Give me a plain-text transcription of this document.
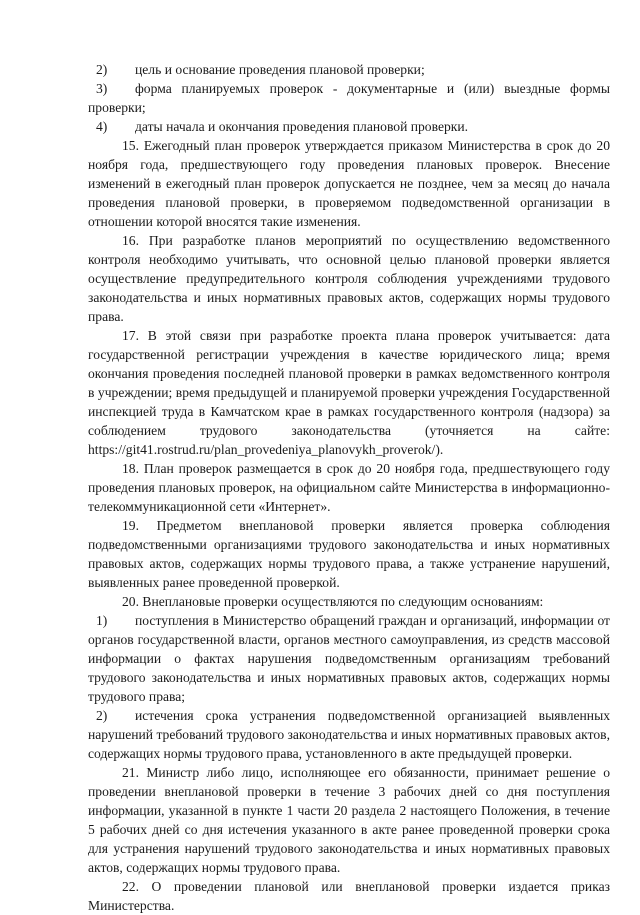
2) цель и основание проведения плановой проверки;
3) форма планируемых проверок - документарные и (или) выездные формы проверки;
4) даты начала и окончания проведения плановой проверки.

15. Ежегодный план проверок утверждается приказом Министерства в срок до 20 ноября года, предшествующего году проведения плановых проверок. Внесение изменений в ежегодный план проверок допускается не позднее, чем за месяц до начала проведения плановой проверки, в проверяемом подведомственной организации в отношении которой вносятся такие изменения.

16. При разработке планов мероприятий по осуществлению ведомственного контроля необходимо учитывать, что основной целью плановой проверки является осуществление предупредительного контроля соблюдения учреждениями трудового законодательства и иных нормативных правовых актов, содержащих нормы трудового права.

17. В этой связи при разработке проекта плана проверок учитывается: дата государственной регистрации учреждения в качестве юридического лица; время окончания проведения последней плановой проверки в рамках ведомственного контроля в учреждении; время предыдущей и планируемой проверки учреждения Государственной инспекцией труда в Камчатском крае в рамках государственного контроля (надзора) за соблюдением трудового законодательства (уточняется на сайте: https://git41.rostrud.ru/plan_provedeniya_planovykh_proverok/).

18. План проверок размещается в срок до 20 ноября года, предшествующего году проведения плановых проверок, на официальном сайте Министерства в информационно-телекоммуникационной сети «Интернет».

19. Предметом внеплановой проверки является проверка соблюдения подведомственными организациями трудового законодательства и иных нормативных правовых актов, содержащих нормы трудового права, а также устранение нарушений, выявленных ранее проведенной проверкой.

20. Внеплановые проверки осуществляются по следующим основаниям:

1) поступления в Министерство обращений граждан и организаций, информации от органов государственной власти, органов местного самоуправления, из средств массовой информации о фактах нарушения подведомственным организациям требований трудового законодательства и иных нормативных правовых актов, содержащих нормы трудового права;
2) истечения срока устранения подведомственной организацией выявленных нарушений требований трудового законодательства и иных нормативных правовых актов, содержащих нормы трудового права, установленного в акте предыдущей проверки.

21. Министр либо лицо, исполняющее его обязанности, принимает решение о проведении внеплановой проверки в течение 3 рабочих дней со дня поступления информации, указанной в пункте 1 части 20 раздела 2 настоящего Положения, в течение 5 рабочих дней со дня истечения указанного в акте ранее проведенной проверки срока для устранения нарушений трудового законодательства и иных нормативных правовых актов, содержащих нормы трудового права.

22. О проведении плановой или внеплановой проверки издается приказ Министерства.
